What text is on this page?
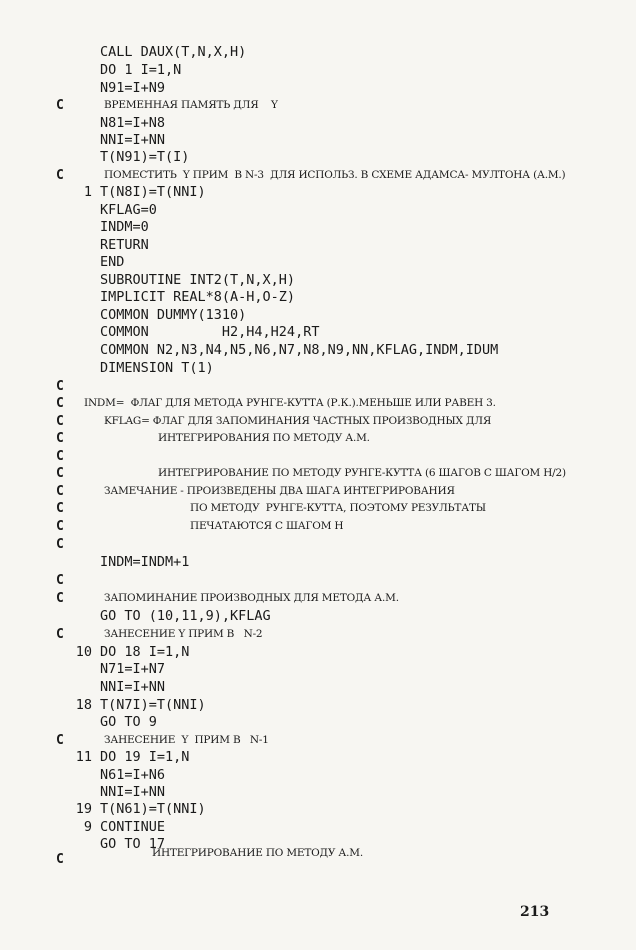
CALL DAUX(T,N,X,H)
DO 1 I=1,N
N91=I+N9
C	ВРЕМЕННАЯ ПАМЯТЬ ДЛЯ    Y
N81=I+N8
NNI=I+NN
T(N91)=T(I)
C	ПОМЕСТИТЬ  Y ПРИМ  В N-3  ДЛЯ ИСПОЛЬЗ. В СХЕМЕ АДАМСА- МУЛТОНА (А.М.)
1 T(N8I)=T(NNI)
KFLAG=0
INDM=0
RETURN
END
SUBROUTINE INT2(T,N,X,H)
IMPLICIT REAL*8(A-H,O-Z)
COMMON DUMMY(1310)
COMMON         H2,H4,H24,RT
COMMON N2,N3,N4,N5,N6,N7,N8,N9,NN,KFLAG,INDM,IDUM
DIMENSION T(1)
C
C INDM=  ФЛАГ ДЛЯ МЕТОДА РУНГЕ-КУТТА (Р.К.).МЕНЬШЕ ИЛИ РАВЕН 3.
C	KFLAG= ФЛАГ ДЛЯ ЗАПОМИНАНИЯ ЧАСТНЫХ ПРОИЗВОДНЫХ ДЛЯ
C	ИНТЕГРИРОВАНИЯ ПО МЕТОДУ А.М.
C
C	ИНТЕГРИРОВАНИЕ ПО МЕТОДУ РУНГЕ-КУТТА (6 ШАГОВ С ШАГОМ Н/2)
C	ЗАМЕЧАНИЕ - ПРОИЗВЕДЕНЫ ДВА ШАГА ИНТЕГРИРОВАНИЯ
C	ПО МЕТОДУ  РУНГЕ-КУТТА, ПОЭТОМУ РЕЗУЛЬТАТЫ
C	ПЕЧАТАЮТСЯ С ШАГОМ Н
C
INDM=INDM+1
C
C	ЗАПОМИНАНИЕ ПРОИЗВОДНЫХ ДЛЯ МЕТОДА А.М.
GO TO (10,11,9),KFLAG
C	ЗАНЕСЕНИЕ Y ПРИМ В   N-2
10 DO 18 I=1,N
N71=I+N7
NNI=I+NN
18 T(N7I)=T(NNI)
GO TO 9
C	ЗАНЕСЕНИЕ  Y  ПРИМ В   N-1
11 DO 19 I=1,N
N61=I+N6
NNI=I+NN
19 T(N61)=T(NNI)
9 CONTINUE
GO TO 17
C	ИНТЕГРИРОВАНИЕ ПО МЕТОДУ А.М.
213
